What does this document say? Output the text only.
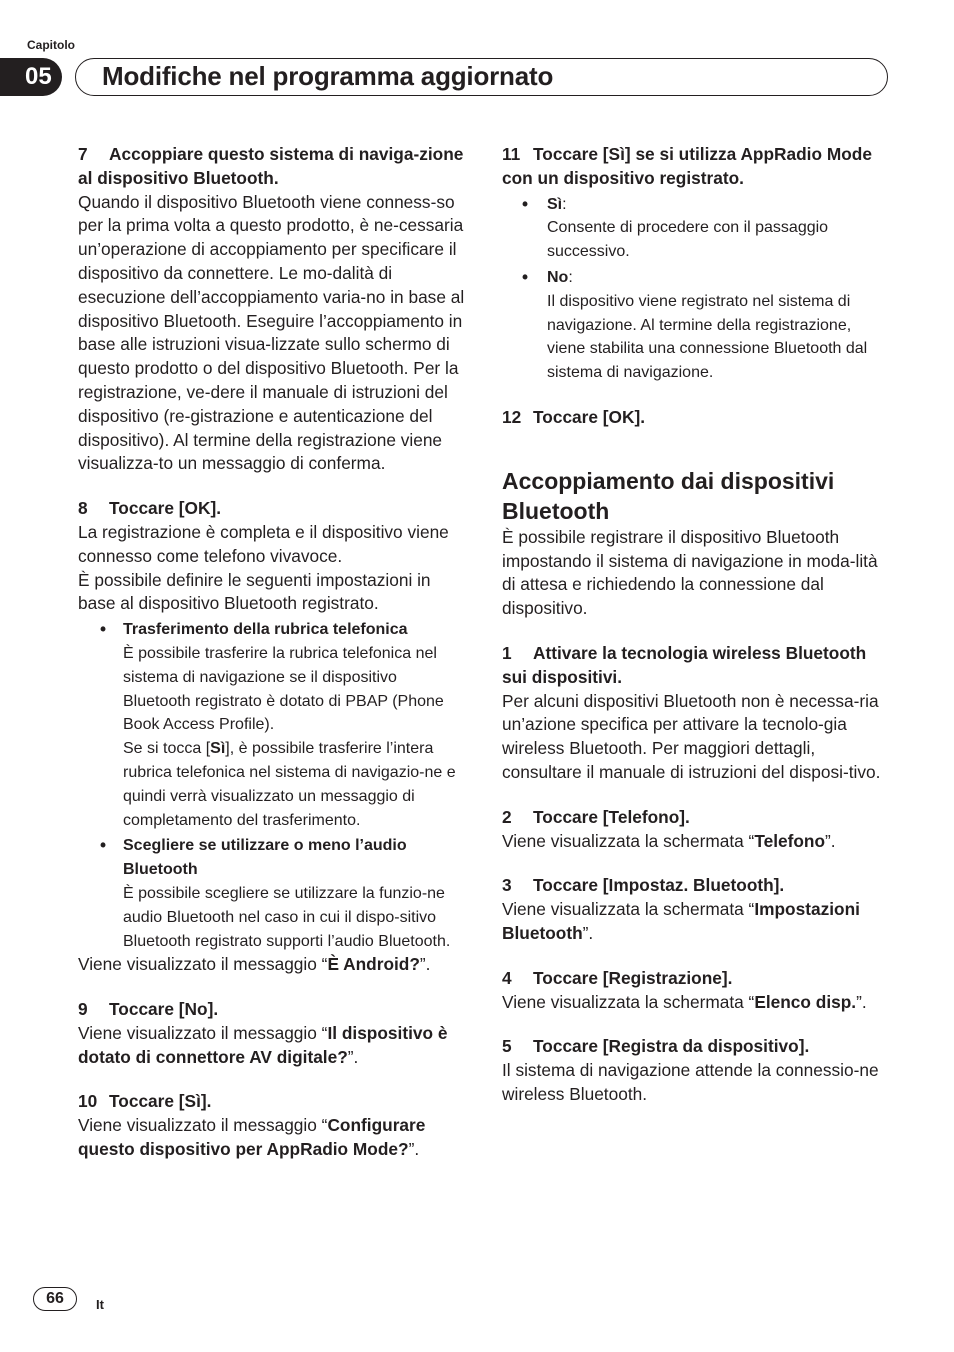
Capitolo
05	Modifiche nel programma aggiornato
7 Accoppiare questo sistema di naviga-zione al dispositivo Bluetooth.

Quando il dispositivo Bluetooth viene conness-so per la prima volta a questo prodotto, è ne-cessaria un’operazione di accoppiamento per specificare il dispositivo da connettere. Le mo-dalità di esecuzione dell’accoppiamento varia-no in base al dispositivo Bluetooth. Eseguire l’accoppiamento in base alle istruzioni visua-lizzate sullo schermo di questo prodotto o del dispositivo Bluetooth. Per la registrazione, ve-dere il manuale di istruzioni del dispositivo (re-gistrazione e autenticazione del dispositivo). Al termine della registrazione viene visualizza-to un messaggio di conferma.

8 Toccare [OK].

La registrazione è completa e il dispositivo viene connesso come telefono vivavoce.

È possibile definire le seguenti impostazioni in base al dispositivo Bluetooth registrato.

• Trasferimento della rubrica telefonica
È possibile trasferire la rubrica telefonica nel sistema di navigazione se il dispositivo Bluetooth registrato è dotato di PBAP (Phone Book Access Profile).
Se si tocca [Sì], è possibile trasferire l’intera rubrica telefonica nel sistema di navigazio-ne e quindi verrà visualizzato un messaggio di completamento del trasferimento.
• Scegliere se utilizzare o meno l’audio Bluetooth
È possibile scegliere se utilizzare la funzio-ne audio Bluetooth nel caso in cui il dispo-sitivo Bluetooth registrato supporti l’audio Bluetooth.

Viene visualizzato il messaggio “È Android?”.

9 Toccare [No].

Viene visualizzato il messaggio “Il dispositivo è dotato di connettore AV digitale?”.

10 Toccare [Sì].

Viene visualizzato il messaggio “Configurare questo dispositivo per AppRadio Mode?”.

11 Toccare [Sì] se si utilizza AppRadio Mode con un dispositivo registrato.
• Sì:
Consente di procedere con il passaggio successivo.
• No:
Il dispositivo viene registrato nel sistema di navigazione. Al termine della registrazione, viene stabilita una connessione Bluetooth dal sistema di navigazione.
12 Toccare [OK].
Accoppiamento dai dispositivi Bluetooth

È possibile registrare il dispositivo Bluetooth impostando il sistema di navigazione in moda-lità di attesa e richiedendo la connessione dal dispositivo.

1 Attivare la tecnologia wireless Bluetooth sui dispositivi.

Per alcuni dispositivi Bluetooth non è necessa-ria un’azione specifica per attivare la tecnolo-gia wireless Bluetooth. Per maggiori dettagli, consultare il manuale di istruzioni del disposi-tivo.

2 Toccare [Telefono].

Viene visualizzata la schermata “Telefono”.

3 Toccare [Impostaz. Bluetooth].

Viene visualizzata la schermata “Impostazioni Bluetooth”.

4 Toccare [Registrazione].

Viene visualizzata la schermata “Elenco disp.”.

5 Toccare [Registra da dispositivo].

Il sistema di navigazione attende la connessio-ne wireless Bluetooth.

66	It
